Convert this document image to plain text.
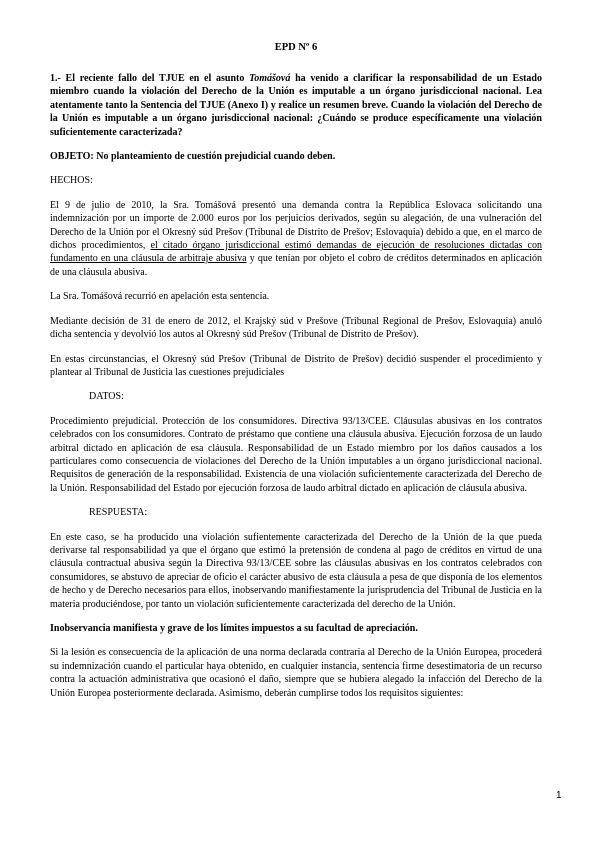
EPD Nº 6

1.- El reciente fallo del TJUE en el asunto Tomášová ha venido a clarificar la responsabilidad de un Estado miembro cuando la violación del Derecho de la Unión es imputable a un órgano jurisdiccional nacional. Lea atentamente tanto la Sentencia del TJUE (Anexo I) y realice un resumen breve. Cuando la violación del Derecho de la Unión es imputable a un órgano jurisdiccional nacional: ¿Cuándo se produce específicamente una violación suficientemente caracterizada?

OBJETO: No planteamiento de cuestión prejudicial cuando deben.

HECHOS:

El 9 de julio de 2010, la Sra. Tomášová presentó una demanda contra la República Eslovaca solicitando una indemnización por un importe de 2.000 euros por los perjuicios derivados, según su alegación, de una vulneración del Derecho de la Unión por el Okresný súd Prešov (Tribunal de Distrito de Prešov; Eslovaquia) debido a que, en el marco de dichos procedimientos, el citado órgano jurisdiccional estimó demandas de ejecución de resoluciones dictadas con fundamento en una cláusula de arbitraje abusiva y que tenían por objeto el cobro de créditos determinados en aplicación de una cláusula abusiva.

La Sra. Tomášová recurrió en apelación esta sentencia.

Mediante decisión de 31 de enero de 2012, el Krajský súd v Prešove (Tribunal Regional de Prešov, Eslovaquia) anuló dicha sentencia y devolvió los autos al Okresný súd Prešov (Tribunal de Distrito de Prešov).

En estas circunstancias, el Okresný súd Prešov (Tribunal de Distrito de Prešov) decidió suspender el procedimiento y plantear al Tribunal de Justicia las cuestiones prejudiciales

DATOS:

Procedimiento prejudicial. Protección de los consumidores. Directiva 93/13/CEE. Cláusulas abusivas en los contratos celebrados con los consumidores. Contrato de préstamo que contiene una cláusula abusiva. Ejecución forzosa de un laudo arbitral dictado en aplicación de esa cláusula. Responsabilidad de un Estado miembro por los daños causados a los particulares como consecuencia de violaciones del Derecho de la Unión imputables a un órgano jurisdiccional nacional. Requisitos de generación de la responsabilidad. Existencia de una violación suficientemente caracterizada del Derecho de la Unión. Responsabilidad del Estado por ejecución forzosa de laudo arbitral dictado en aplicación de cláusula abusiva.

RESPUESTA:

En este caso, se ha producido una violación sufientemente caracterizada del Derecho de la Unión de la que pueda derivarse tal responsabilidad ya que el órgano que estimó la pretensión de condena al pago de créditos en virtud de una cláusula contractual abusiva según la Directiva 93/13/CEE sobre las cláusulas abusivas en los contratos celebrados con consumidores, se abstuvo de apreciar de oficio el carácter abusivo de esta cláusula a pesa de que disponía de los elementos de hecho y de Derecho necesarios para ellos, inobservando manifiestamente la jurisprudencia del Tribunal de Justicia en la materia produciéndose, por tanto un violación suficientemente caracterizada del derecho de la Unión.

Inobservancia manifiesta y grave de los límites impuestos a su facultad de apreciación.

Si la lesión es consecuencia de la aplicación de una norma declarada contraria al Derecho de la Unión Europea, procederá su indemnización cuando el particular haya obtenido, en cualquier instancia, sentencia firme desestimatoria de un recurso contra la actuación administrativa que ocasionó el daño, siempre que se hubiera alegado la infacción del Derecho de la Unión Europea posteriormente declarada. Asimismo, deberán cumplirse todos los requisitos siguientes:

1
